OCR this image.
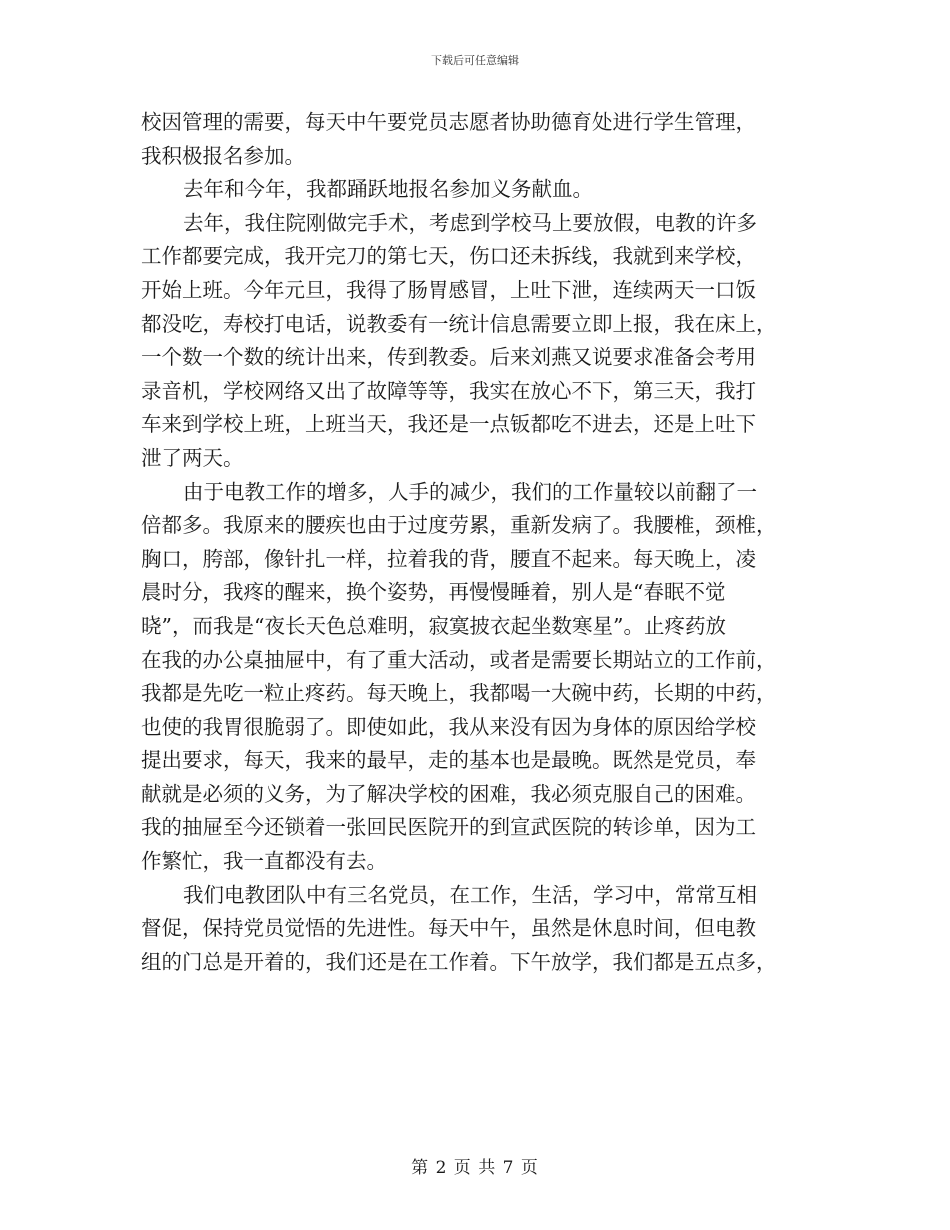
下载后可任意编辑
校因管理的需要，每天中午要党员志愿者协助德育处进行学生管理，
我积极报名参加。
去年和今年，我都踊跃地报名参加义务献血。
去年，我住院刚做完手术，考虑到学校马上要放假，电教的许多
工作都要完成，我开完刀的第七天，伤口还未拆线，我就到来学校，
开始上班。今年元旦，我得了肠胃感冒，上吐下泄，连续两天一口饭
都没吃，寿校打电话，说教委有一统计信息需要立即上报，我在床上，
一个数一个数的统计出来，传到教委。后来刘燕又说要求准备会考用
录音机，学校网络又出了故障等等，我实在放心不下，第三天，我打
车来到学校上班，上班当天，我还是一点钣都吃不进去，还是上吐下
泄了两天。
由于电教工作的增多，人手的减少，我们的工作量较以前翻了一
倍都多。我原来的腰疾也由于过度劳累，重新发病了。我腰椎，颈椎，
胸口，胯部，像针扎一样，拉着我的背，腰直不起来。每天晚上，凌
晨时分，我疼的醒来，换个姿势，再慢慢睡着，别人是“春眠不觉
晓”，而我是“夜长天色总难明，寂寞披衣起坐数寒星”。止疼药放
在我的办公桌抽屉中，有了重大活动，或者是需要长期站立的工作前，
我都是先吃一粒止疼药。每天晚上，我都喝一大碗中药，长期的中药，
也使的我胃很脆弱了。即使如此，我从来没有因为身体的原因给学校
提出要求，每天，我来的最早，走的基本也是最晚。既然是党员，奉
献就是必须的义务，为了解决学校的困难，我必须克服自己的困难。
我的抽屉至今还锁着一张回民医院开的到宣武医院的转诊单，因为工
作繁忙，我一直都没有去。
我们电教团队中有三名党员，在工作，生活，学习中，常常互相
督促，保持党员觉悟的先进性。每天中午，虽然是休息时间，但电教
组的门总是开着的，我们还是在工作着。下午放学，我们都是五点多，
第 2 页 共 7 页
